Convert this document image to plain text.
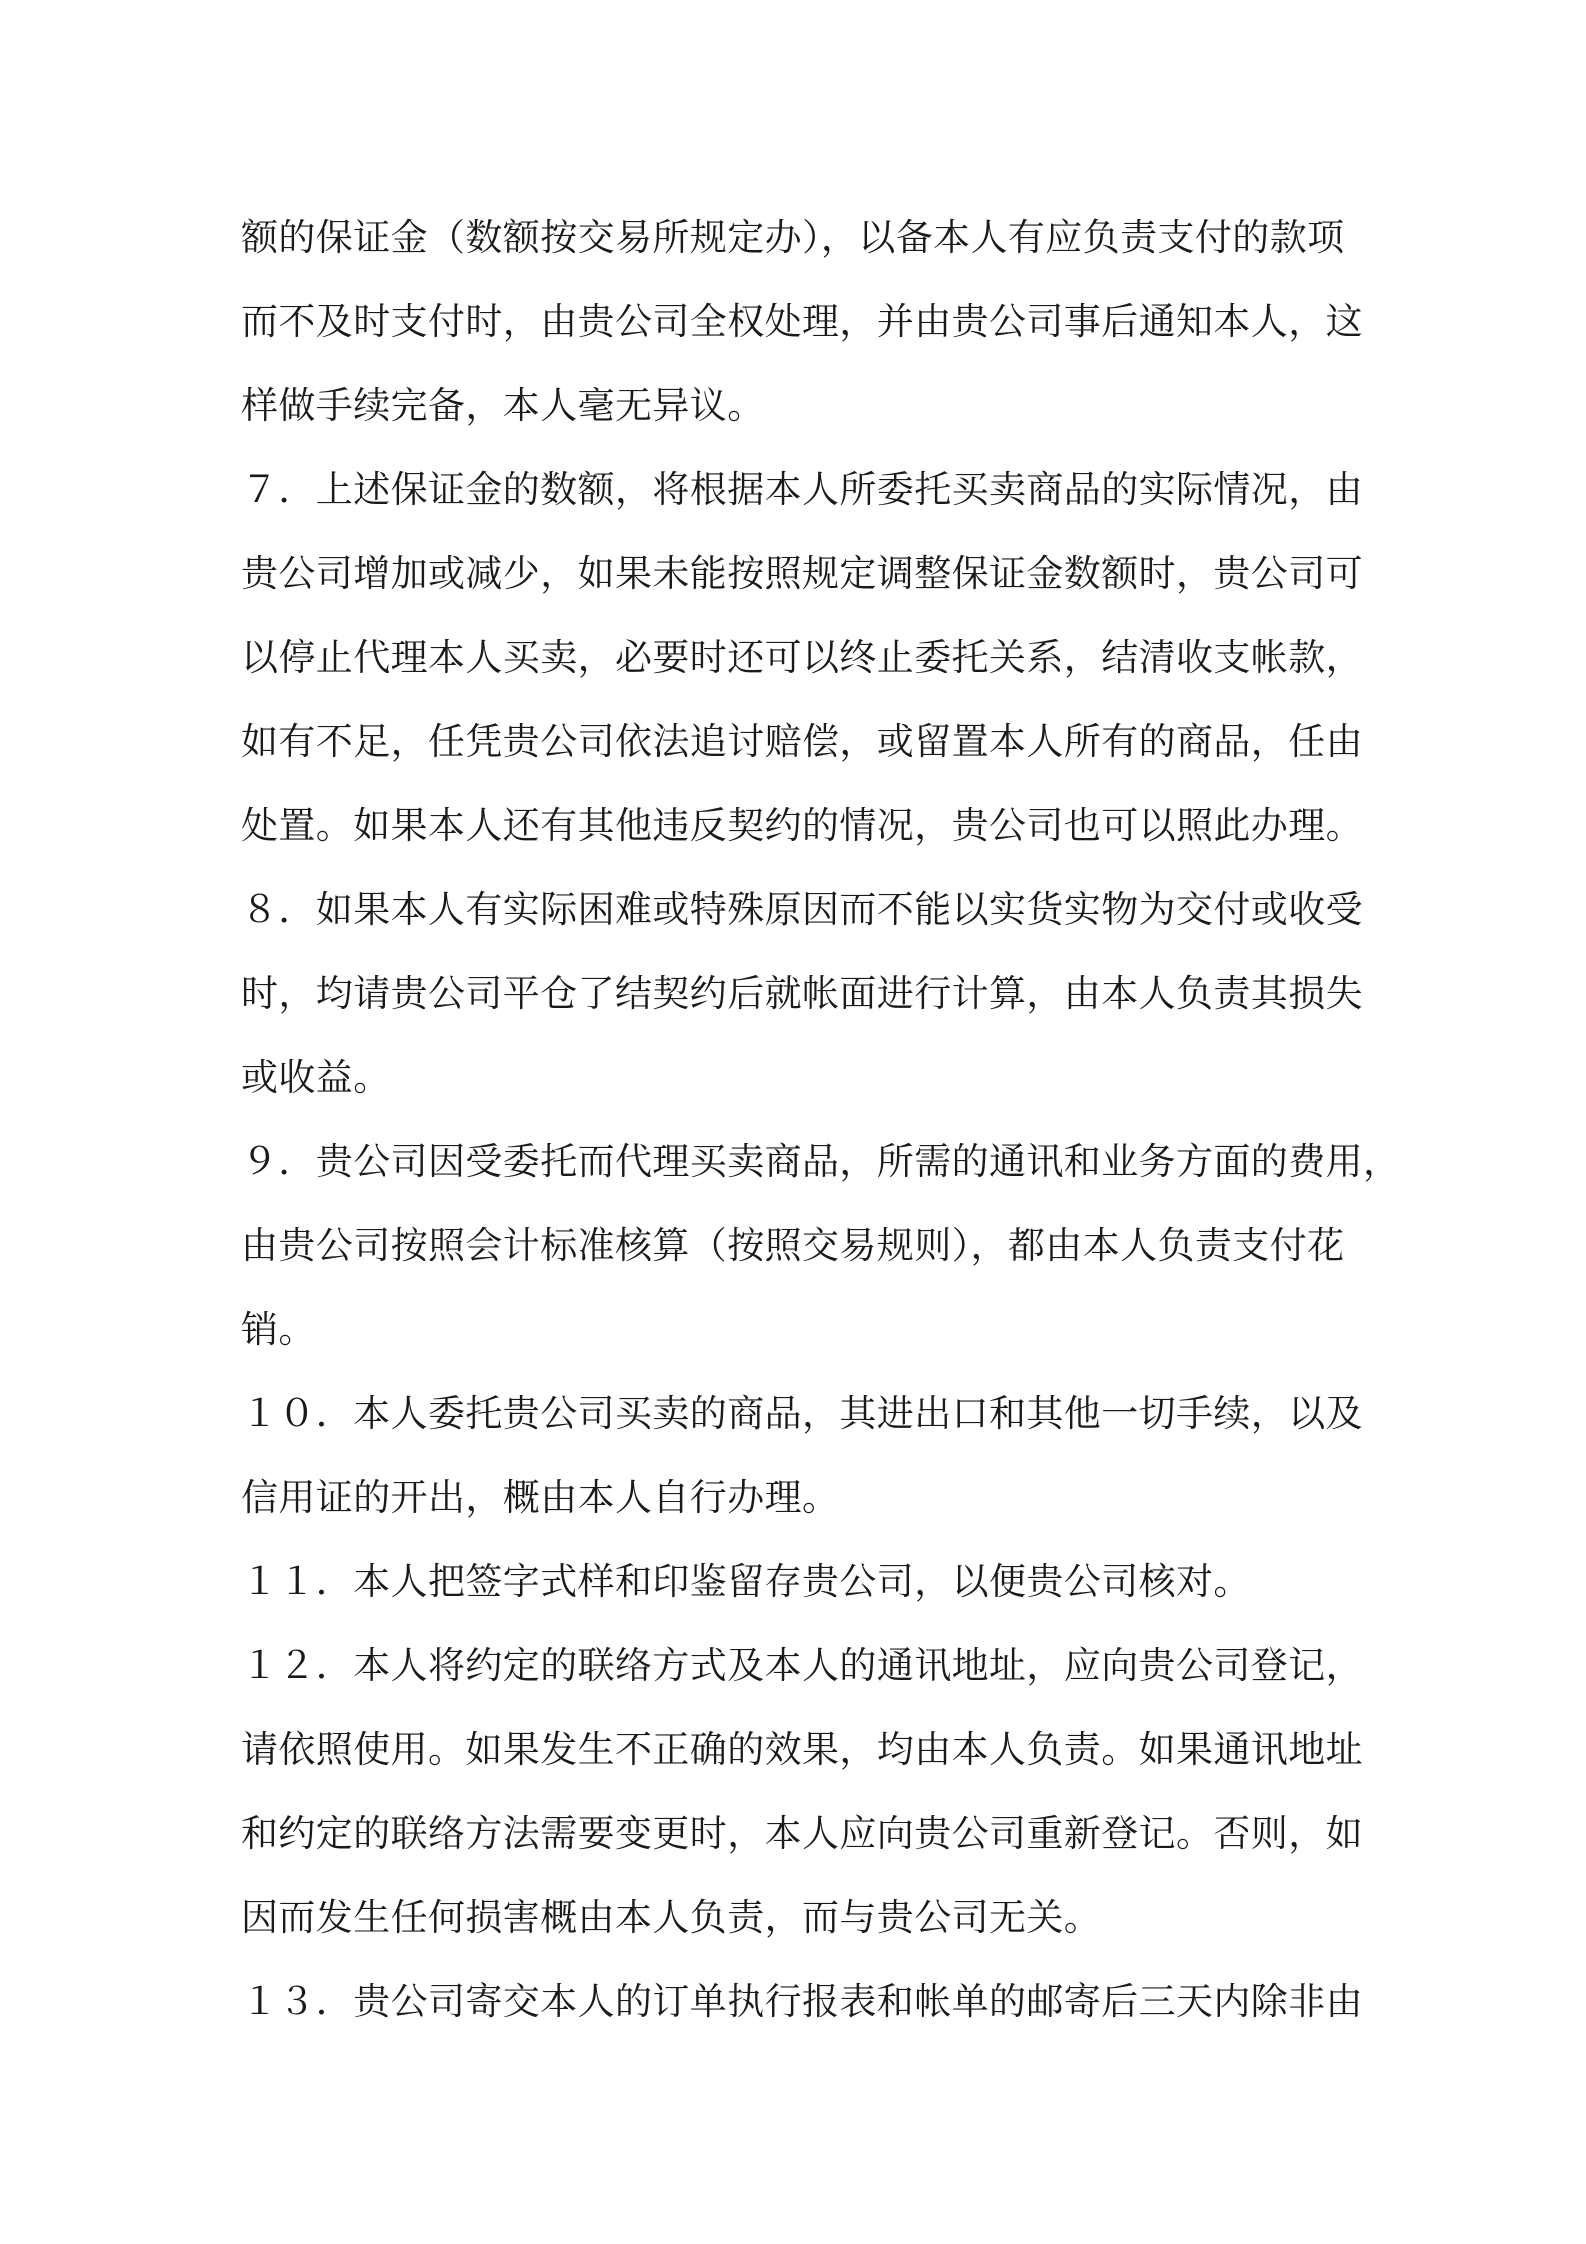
额的保证金（数额按交易所规定办），以备本人有应负责支付的款项
而不及时支付时，由贵公司全权处理，并由贵公司事后通知本人，这
样做手续完备，本人毫无异议。
７．上述保证金的数额，将根据本人所委托买卖商品的实际情况，由
贵公司增加或减少，如果未能按照规定调整保证金数额时，贵公司可
以停止代理本人买卖，必要时还可以终止委托关系，结清收支帐款，
如有不足，任凭贵公司依法追讨赔偿，或留置本人所有的商品，任由
处置。如果本人还有其他违反契约的情况，贵公司也可以照此办理。
８．如果本人有实际困难或特殊原因而不能以实货实物为交付或收受
时，均请贵公司平仓了结契约后就帐面进行计算，由本人负责其损失
或收益。
９．贵公司因受委托而代理买卖商品，所需的通讯和业务方面的费用，
由贵公司按照会计标准核算（按照交易规则），都由本人负责支付花
销。
１０．本人委托贵公司买卖的商品，其进出口和其他一切手续，以及
信用证的开出，概由本人自行办理。
１１．本人把签字式样和印鉴留存贵公司，以便贵公司核对。
１２．本人将约定的联络方式及本人的通讯地址，应向贵公司登记，
请依照使用。如果发生不正确的效果，均由本人负责。如果通讯地址
和约定的联络方法需要变更时，本人应向贵公司重新登记。否则，如
因而发生任何损害概由本人负责，而与贵公司无关。
１３．贵公司寄交本人的订单执行报表和帐单的邮寄后三天内除非由
